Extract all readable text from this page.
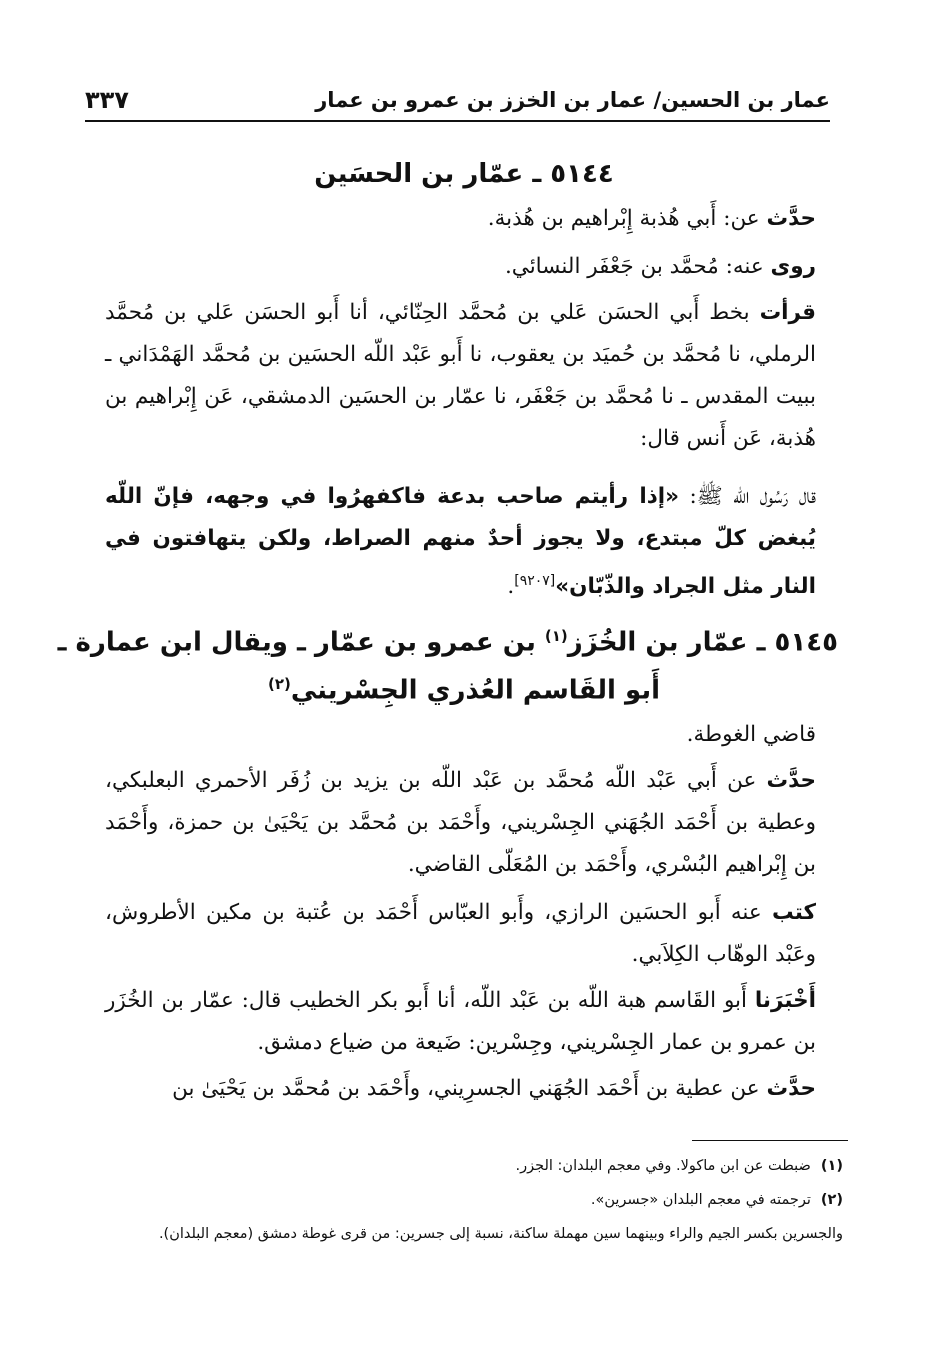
عمار بن الحسين/ عمار بن الخزز بن عمرو بن عمار
٣٣٧
٥١٤٤ ـ عمّار بن الحسَين
حدَّث عن: أَبي هُذبة إِبْراهيم بن هُذبة.
روى عنه: مُحمَّد بن جَعْفَر النسائي.
قرأت بخط أَبي الحسَن عَلي بن مُحمَّد الحِنّائي، أنا أَبو الحسَن عَلي بن مُحمَّد الرملي، نا مُحمَّد بن حُميَد بن يعقوب، نا أَبو عَبْد اللّه الحسَين بن مُحمَّد الهَمْدَاني ـ ببيت المقدس ـ نا مُحمَّد بن جَعْفَر، نا عمّار بن الحسَين الدمشقي، عَن إِبْراهيم بن هُذبة، عَن أَنس قال:
قال رَسُول اللّه ﷺ: «إذا رأيتم صاحب بدعة فاكفهرُوا في وجهه، فإنّ اللّه يُبغض كلّ مبتدع، ولا يجوز أحدٌ منهم الصراط، ولكن يتهافتون في النار مثل الجراد والذّبّان»[٩٢٠٧].
٥١٤٥ ـ عمّار بن الخُزَز$^{(١)}$ بن عمرو بن عمّار ـ ويقال ابن عمارة ـ
أَبو القَاسم العُذري الجِسْريني$^{(٢)}$
قاضي الغوطة.
حدَّث عن أَبي عَبْد اللّه مُحمَّد بن عَبْد اللّه بن يزيد بن زُفَر الأحمري البعلبكي، وعطية بن أَحْمَد الجُهَني الجِسْريني، وأَحْمَد بن مُحمَّد بن يَحْيَىٰ بن حمزة، وأَحْمَد بن إِبْراهيم البُسْري، وأَحْمَد بن المُعَلّى القاضي.
كتب عنه أَبو الحسَين الرازي، وأَبو العبّاس أَحْمَد بن عُتبة بن مكين الأطروش، وعَبْد الوهّاب الكِلاَبي.
أَخْبَرَنا أَبو القَاسم هبة اللّه بن عَبْد اللّه، أنا أَبو بكر الخطيب قال: عمّار بن الخُزَر بن عمرو بن عمار الجِسْريني، وجِسْرين: ضَيعة من ضياع دمشق.
حدَّث عن عطية بن أَحْمَد الجُهَني الجسرِيني، وأَحْمَد بن مُحمَّد بن يَحْيَىٰ بن
(١)ضبطت عن ابن ماكولا. وفي معجم البلدان: الجزر.
(٢)ترجمته في معجم البلدان «جسرين».
والجسرين بكسر الجيم والراء وبينهما سين مهملة ساكنة، نسبة إلى جسرين: من قرى غوطة دمشق (معجم البلدان).
